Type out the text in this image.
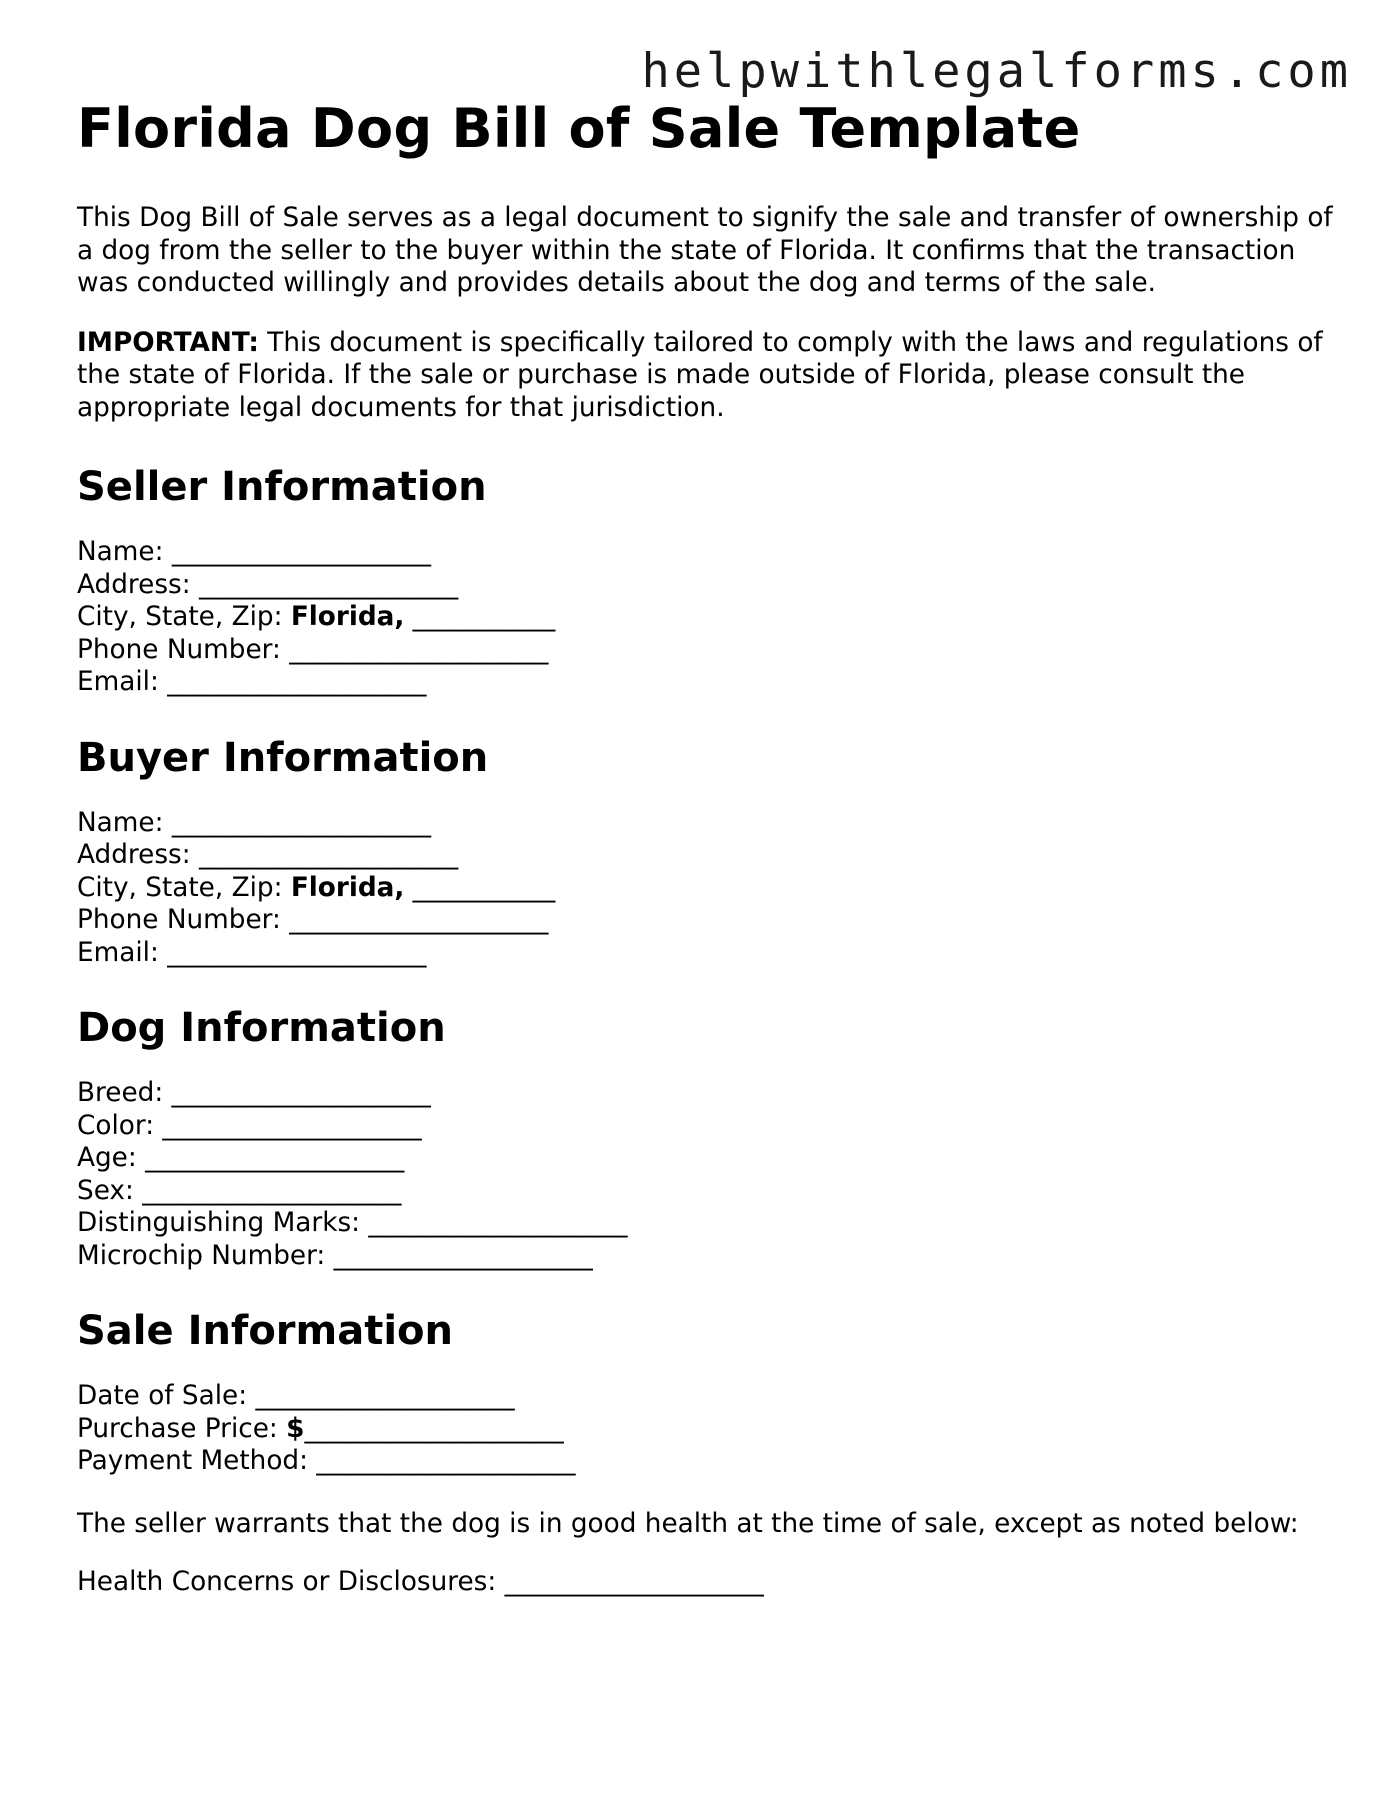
helpwithlegalforms.com
Florida Dog Bill of Sale Template

This Dog Bill of Sale serves as a legal document to signify the sale and transfer of ownership of a dog from the seller to the buyer within the state of Florida. It confirms that the transaction was conducted willingly and provides details about the dog and terms of the sale.

IMPORTANT: This document is specifically tailored to comply with the laws and regulations of the state of Florida. If the sale or purchase is made outside of Florida, please consult the appropriate legal documents for that jurisdiction.

Seller Information
Name: ____________________
Address: ____________________
City, State, Zip: Florida, ___________
Phone Number: ____________________
Email: ____________________
Buyer Information
Name: ____________________
Address: ____________________
City, State, Zip: Florida, ___________
Phone Number: ____________________
Email: ____________________
Dog Information
Breed: ____________________
Color: ____________________
Age: ____________________
Sex: ____________________
Distinguishing Marks: ____________________
Microchip Number: ____________________
Sale Information
Date of Sale: ____________________
Purchase Price: $____________________
Payment Method: ____________________

The seller warrants that the dog is in good health at the time of sale, except as noted below:

Health Concerns or Disclosures: ____________________
